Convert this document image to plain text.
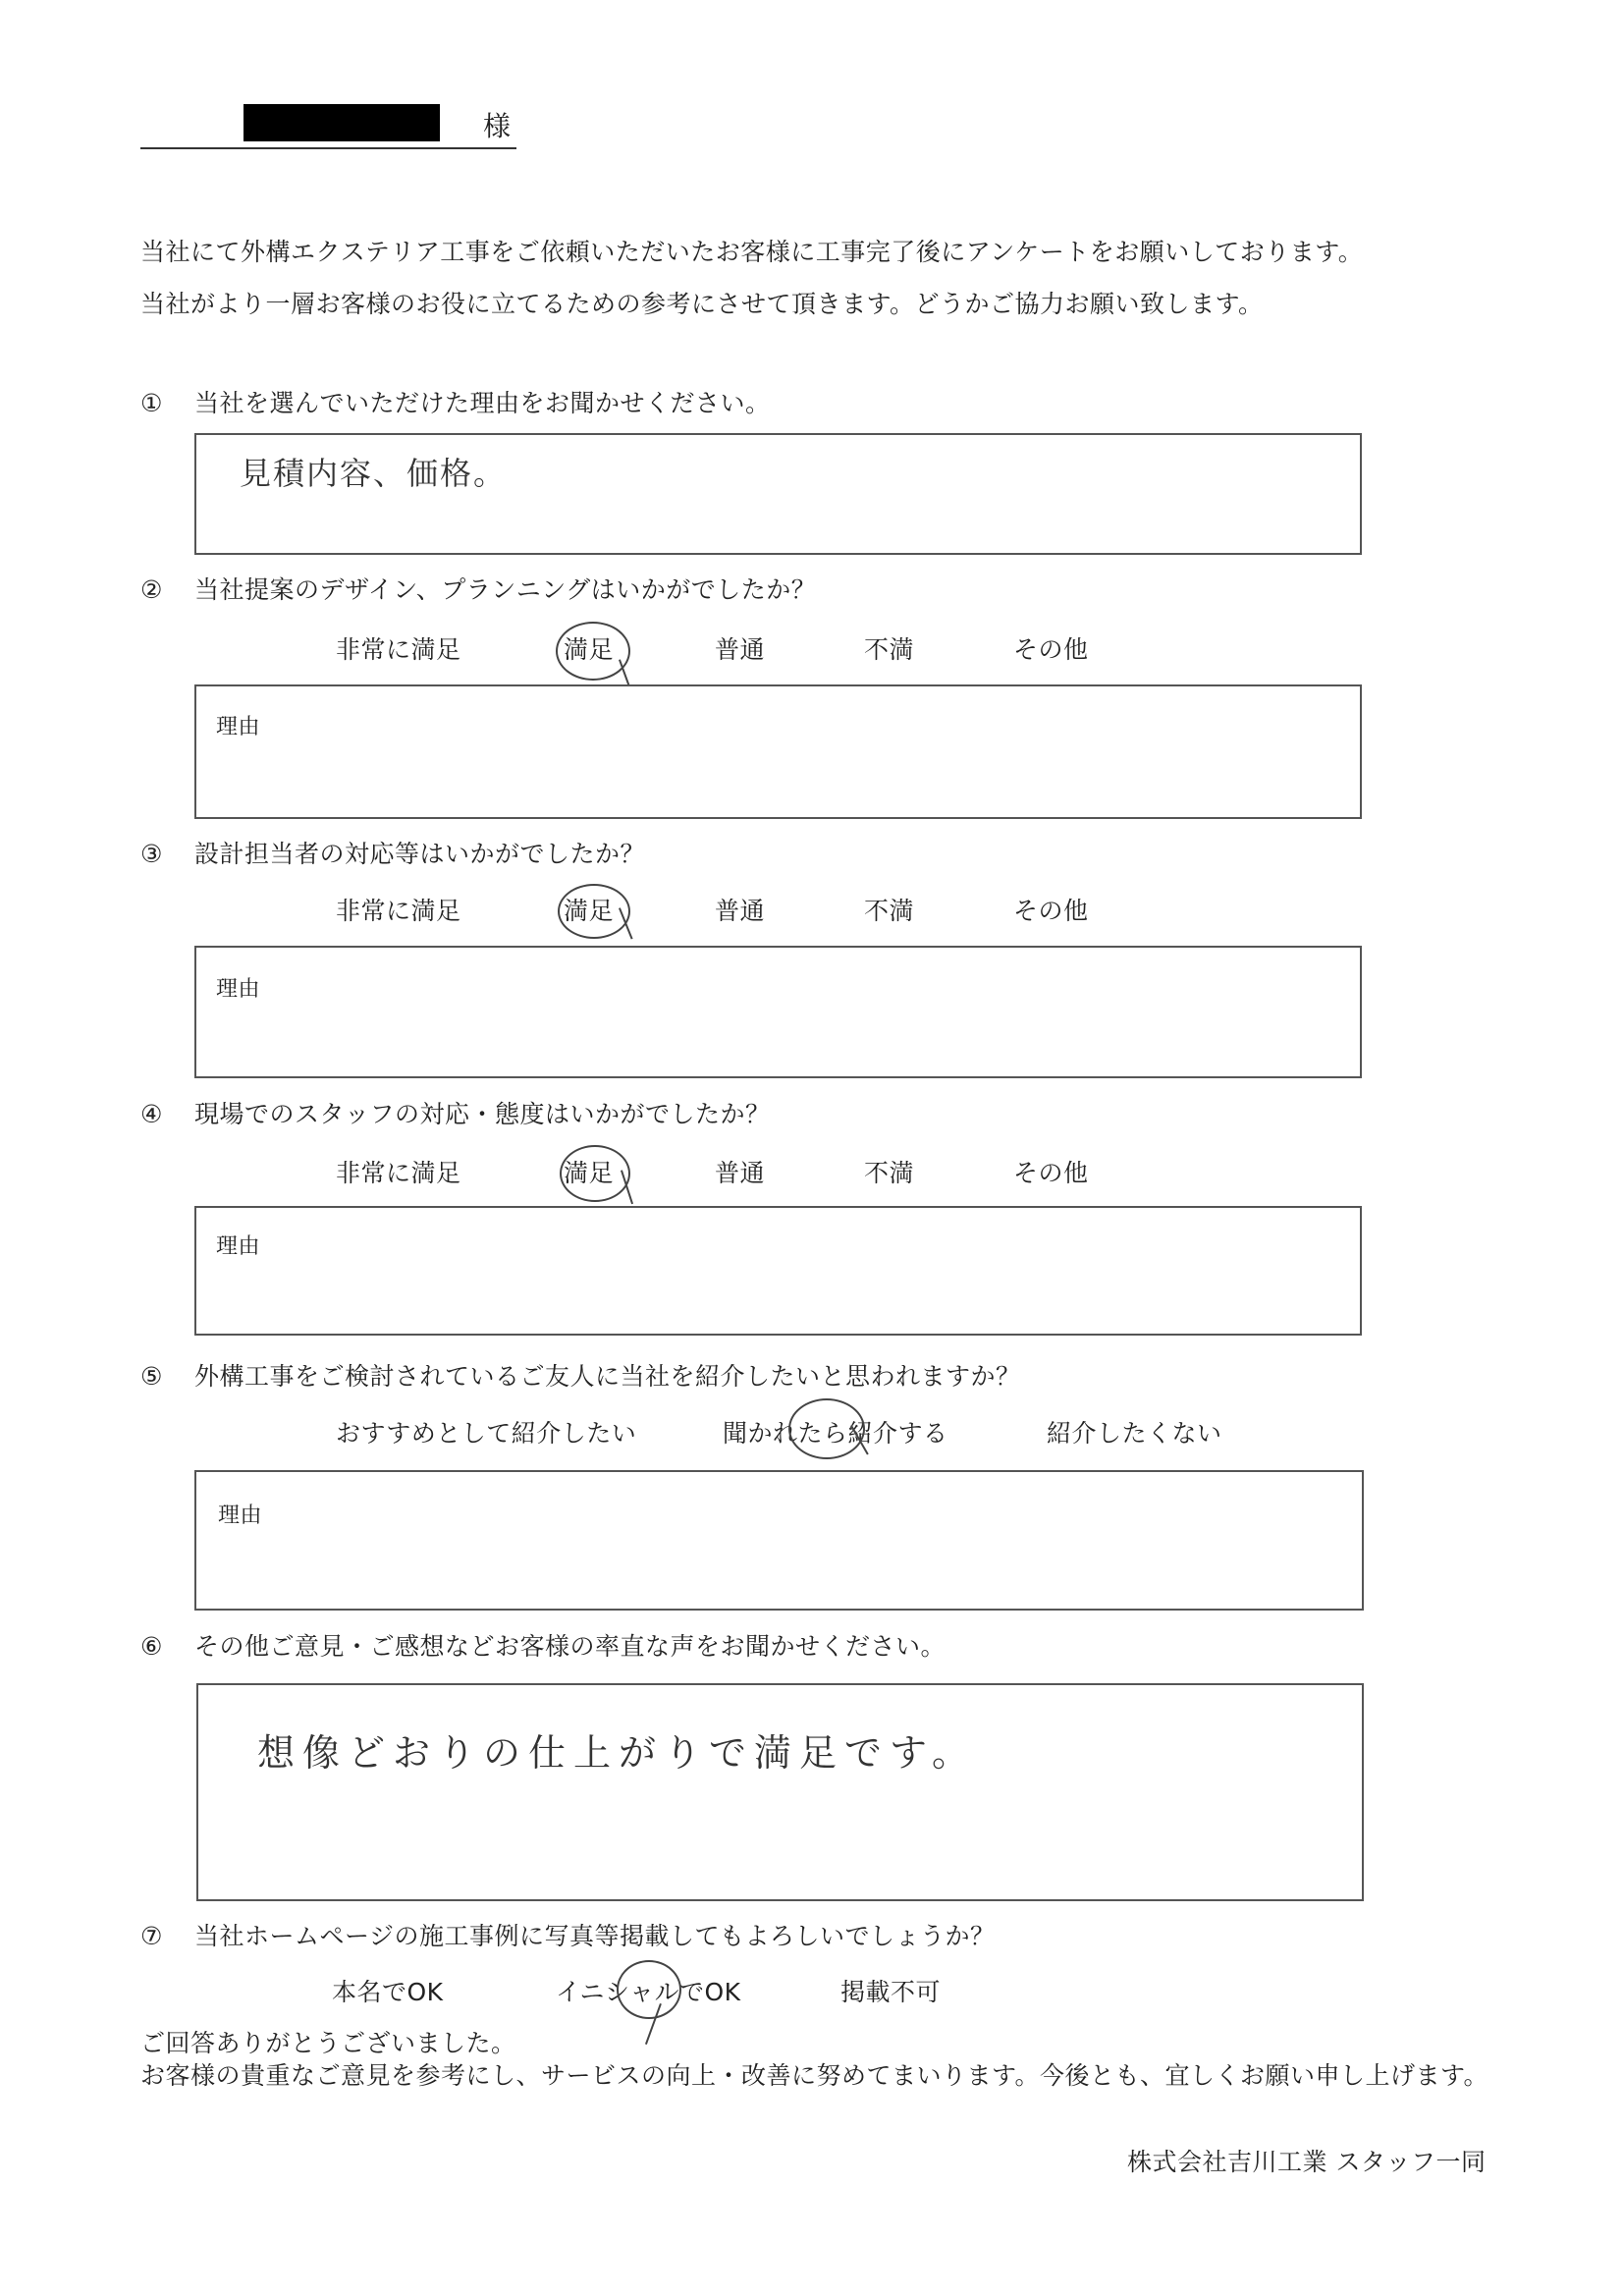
様
当社にて外構エクステリア工事をご依頼いただいたお客様に工事完了後にアンケートをお願いしております。
当社がより一層お客様のお役に立てるための参考にさせて頂きます。どうかご協力お願い致します。
① 当社を選んでいただけた理由をお聞かせください。
見積内容、価格。
② 当社提案のデザイン、プランニングはいかがでしたか？
非常に満足	満足	普通	不満	その他
理由
③ 設計担当者の対応等はいかがでしたか？
非常に満足	満足	普通	不満	その他
理由
④ 現場でのスタッフの対応・態度はいかがでしたか？
非常に満足	満足	普通	不満	その他
理由
⑤ 外構工事をご検討されているご友人に当社を紹介したいと思われますか？
おすすめとして紹介したい	聞かれたら紹介する	紹介したくない
理由
⑥ その他ご意見・ご感想などお客様の率直な声をお聞かせください。
想像どおりの仕上がりで満足です。
⑦ 当社ホームページの施工事例に写真等掲載してもよろしいでしょうか？
本名でOK	イニシャルでOK	掲載不可
ご回答ありがとうございました。
お客様の貴重なご意見を参考にし、サービスの向上・改善に努めてまいります。今後とも、宜しくお願い申し上げます。
株式会社吉川工業 スタッフ一同
